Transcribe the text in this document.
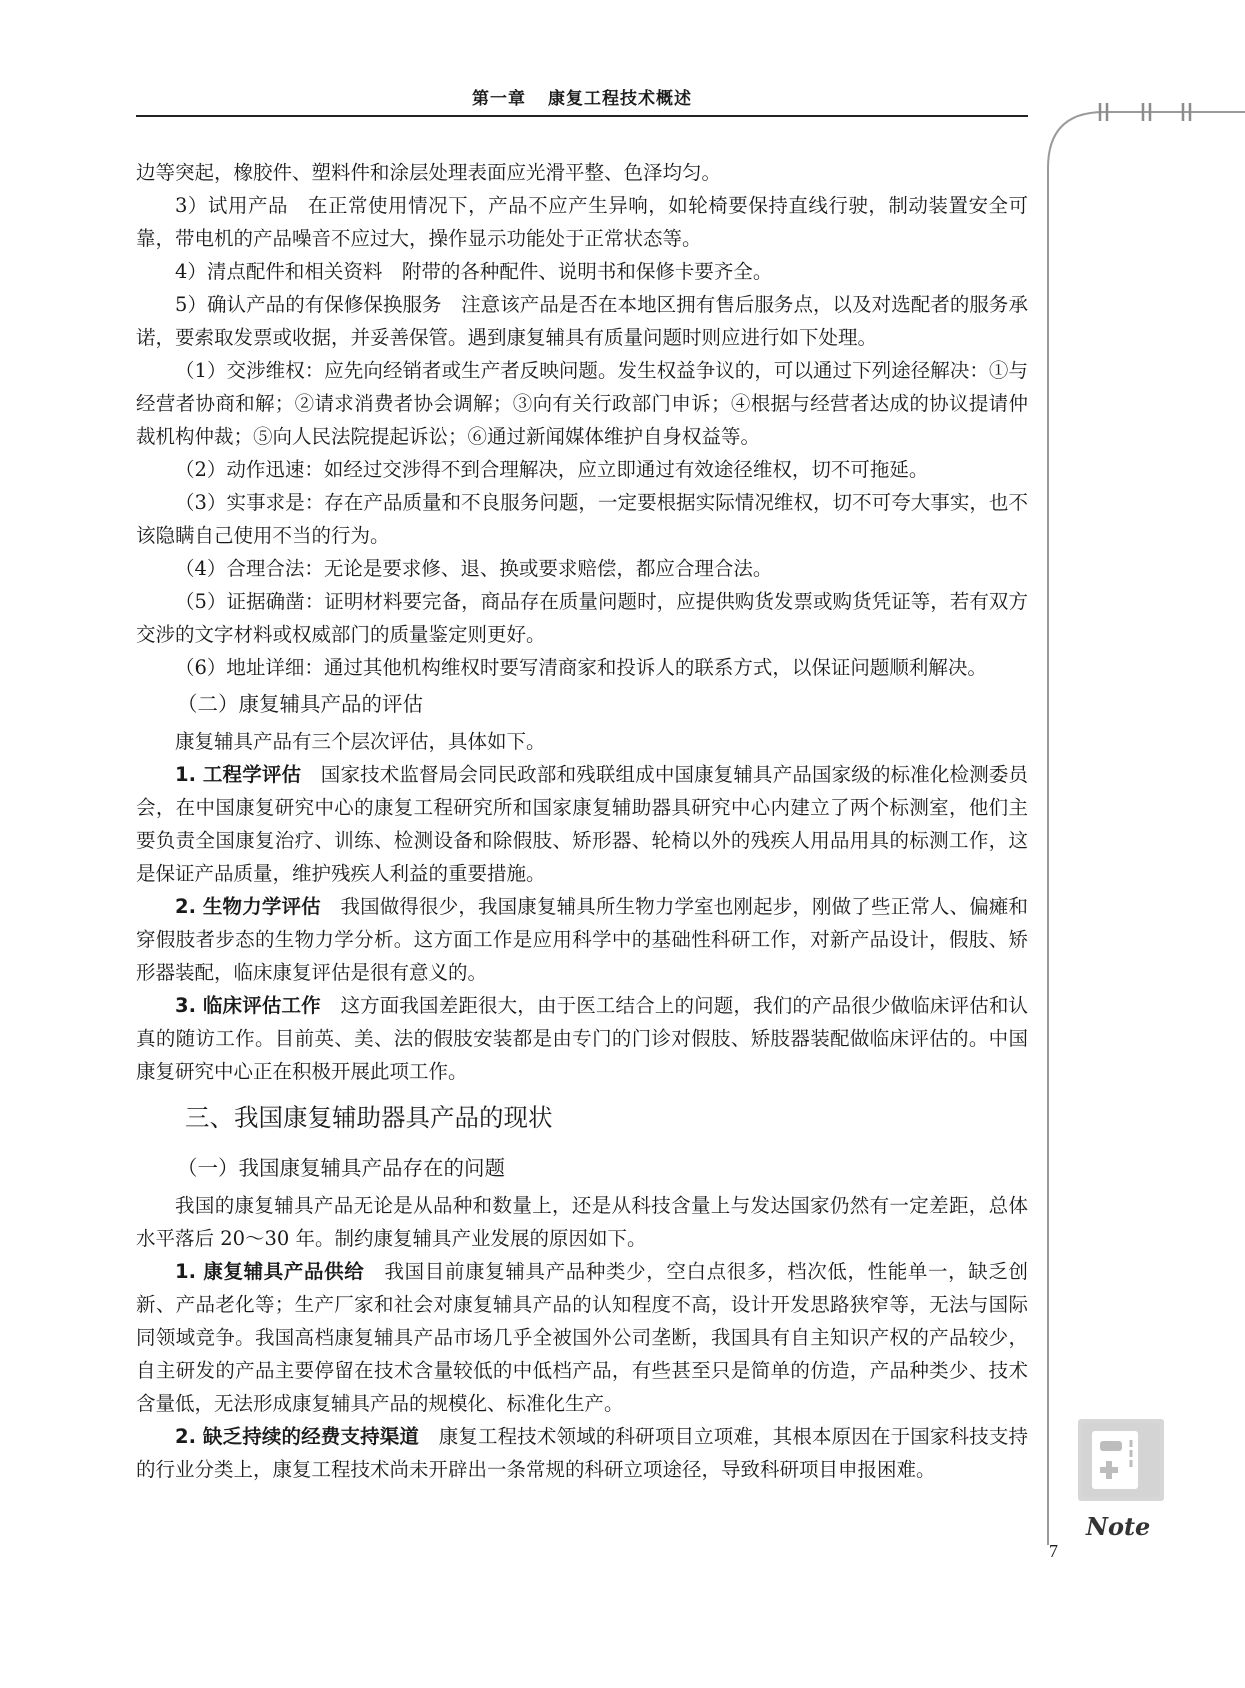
第一章 康复工程技术概述

边等突起，橡胶件、塑料件和涂层处理表面应光滑平整、色泽均匀。

3）试用产品　在正常使用情况下，产品不应产生异响，如轮椅要保持直线行驶，制动装置安全可靠，带电机的产品噪音不应过大，操作显示功能处于正常状态等。

4）清点配件和相关资料　附带的各种配件、说明书和保修卡要齐全。

5）确认产品的有保修保换服务　注意该产品是否在本地区拥有售后服务点，以及对选配者的服务承诺，要索取发票或收据，并妥善保管。遇到康复辅具有质量问题时则应进行如下处理。

（1）交涉维权：应先向经销者或生产者反映问题。发生权益争议的，可以通过下列途径解决：①与经营者协商和解；②请求消费者协会调解；③向有关行政部门申诉；④根据与经营者达成的协议提请仲裁机构仲裁；⑤向人民法院提起诉讼；⑥通过新闻媒体维护自身权益等。

（2）动作迅速：如经过交涉得不到合理解决，应立即通过有效途径维权，切不可拖延。

（3）实事求是：存在产品质量和不良服务问题，一定要根据实际情况维权，切不可夸大事实，也不该隐瞒自己使用不当的行为。

（4）合理合法：无论是要求修、退、换或要求赔偿，都应合理合法。

（5）证据确凿：证明材料要完备，商品存在质量问题时，应提供购货发票或购货凭证等，若有双方交涉的文字材料或权威部门的质量鉴定则更好。

（6）地址详细：通过其他机构维权时要写清商家和投诉人的联系方式，以保证问题顺利解决。

（二）康复辅具产品的评估

康复辅具产品有三个层次评估，具体如下。

1. 工程学评估　国家技术监督局会同民政部和残联组成中国康复辅具产品国家级的标准化检测委员会，在中国康复研究中心的康复工程研究所和国家康复辅助器具研究中心内建立了两个标测室，他们主要负责全国康复治疗、训练、检测设备和除假肢、矫形器、轮椅以外的残疾人用品用具的标测工作，这是保证产品质量，维护残疾人利益的重要措施。

2. 生物力学评估　我国做得很少，我国康复辅具所生物力学室也刚起步，刚做了些正常人、偏瘫和穿假肢者步态的生物力学分析。这方面工作是应用科学中的基础性科研工作，对新产品设计，假肢、矫形器装配，临床康复评估是很有意义的。

3. 临床评估工作　这方面我国差距很大，由于医工结合上的问题，我们的产品很少做临床评估和认真的随访工作。目前英、美、法的假肢安装都是由专门的门诊对假肢、矫肢器装配做临床评估的。中国康复研究中心正在积极开展此项工作。

三、我国康复辅助器具产品的现状
（一）我国康复辅具产品存在的问题

我国的康复辅具产品无论是从品种和数量上，还是从科技含量上与发达国家仍然有一定差距，总体水平落后 20～30 年。制约康复辅具产业发展的原因如下。

1. 康复辅具产品供给　我国目前康复辅具产品种类少，空白点很多，档次低，性能单一，缺乏创新、产品老化等；生产厂家和社会对康复辅具产品的认知程度不高，设计开发思路狭窄等，无法与国际同领域竞争。我国高档康复辅具产品市场几乎全被国外公司垄断，我国具有自主知识产权的产品较少，自主研发的产品主要停留在技术含量较低的中低档产品，有些甚至只是简单的仿造，产品种类少、技术含量低，无法形成康复辅具产品的规模化、标准化生产。

2. 缺乏持续的经费支持渠道　康复工程技术领域的科研项目立项难，其根本原因在于国家科技支持的行业分类上，康复工程技术尚未开辟出一条常规的科研立项途径，导致科研项目申报困难。

Note
7
